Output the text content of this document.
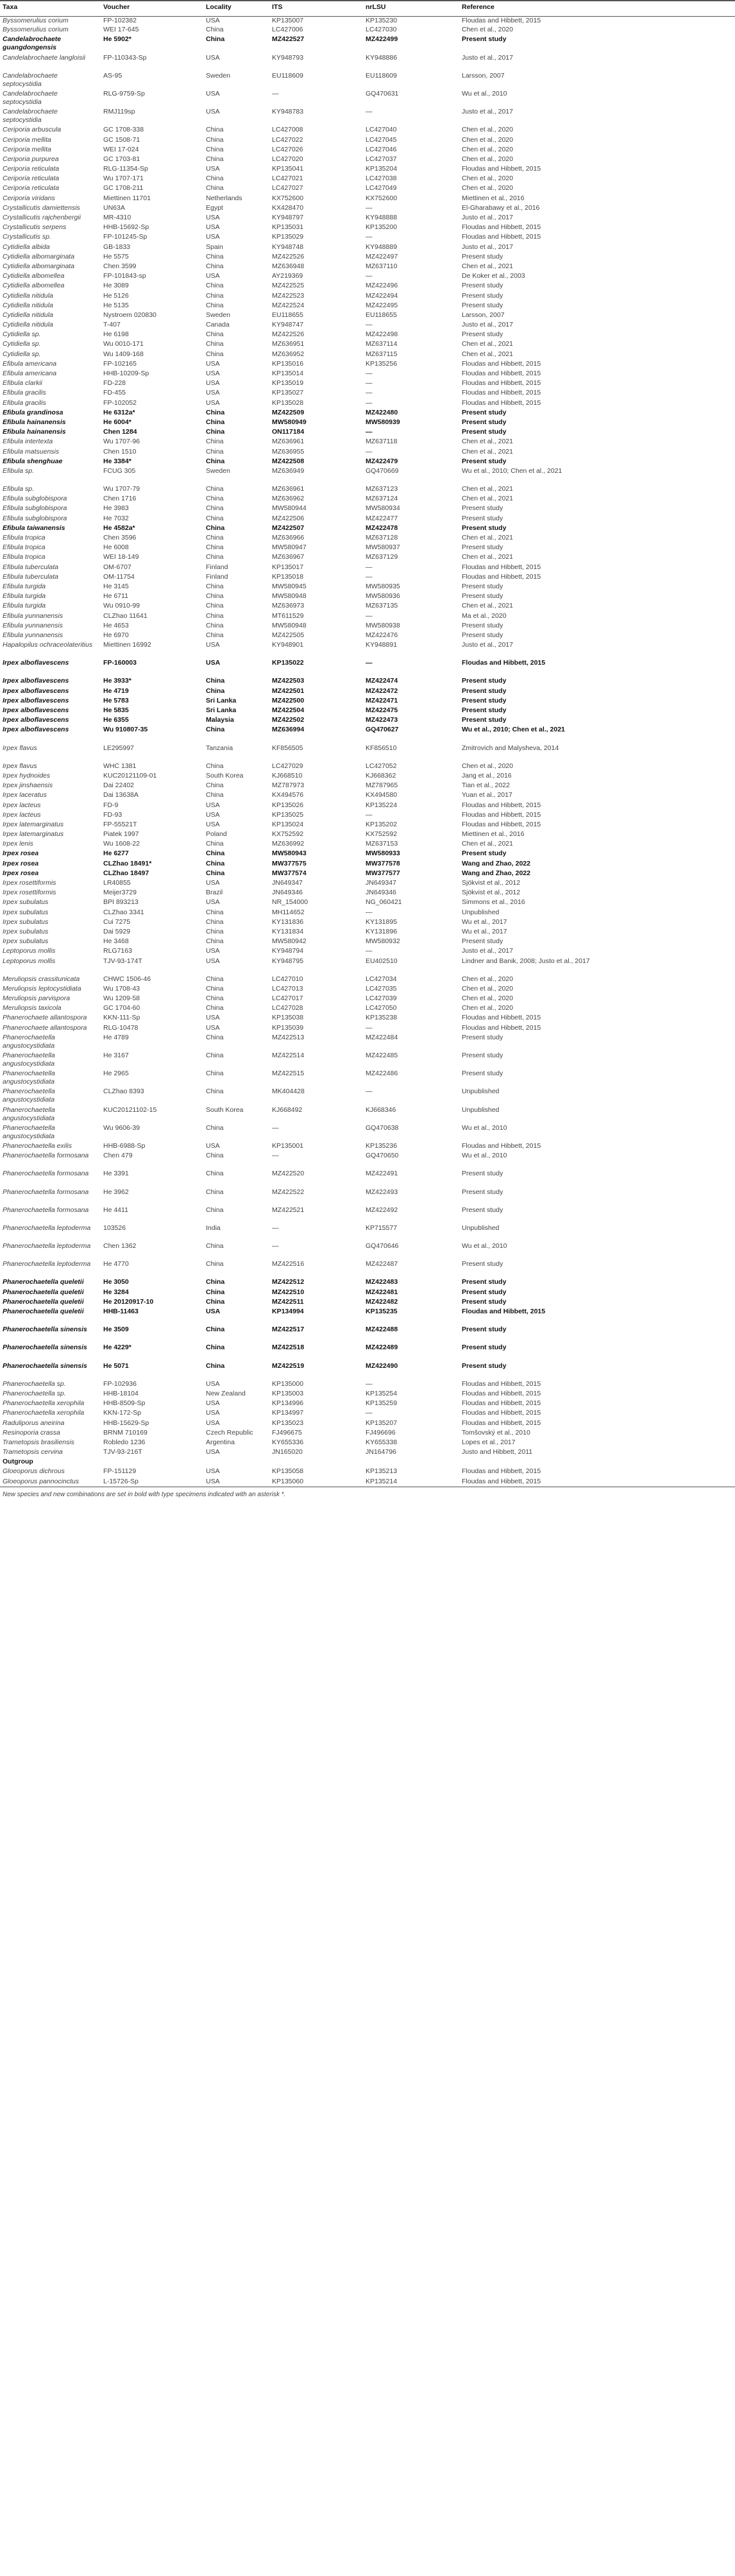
Taxa	Voucher	Locality	ITS	nrLSU	Reference
Byssomerulius corium	FP-102382	USA	KP135007	KP135230	Floudas and Hibbett, 2015
Byssomerulius corium	WEI 17-645	China	LC427006	LC427030	Chen et al., 2020
Candelabrochaete guangdongensis	He 5902*	China	MZ422527	MZ422499	Present study
Candelabrochaete langloisii	FP-110343-Sp	USA	KY948793	KY948886	Justo et al., 2017
Candelabrochaete septocystidia	AS-95	Sweden	EU118609	EU118609	Larsson, 2007
Candelabrochaete septocystidia	RLG-9759-Sp	USA	—	GQ470631	Wu et al., 2010
Candelabrochaete septocystidia	RMJ119sp	USA	KY948783	—	Justo et al., 2017
Ceriporia arbuscula	GC 1708-338	China	LC427008	LC427040	Chen et al., 2020
Ceriporia mellita	GC 1508-71	China	LC427022	LC427045	Chen et al., 2020
Ceriporia mellita	WEI 17-024	China	LC427026	LC427046	Chen et al., 2020
Ceriporia purpurea	GC 1703-81	China	LC427020	LC427037	Chen et al., 2020
Ceriporia reticulata	RLG-11354-Sp	USA	KP135041	KP135204	Floudas and Hibbett, 2015
Ceriporia reticulata	Wu 1707-171	China	LC427021	LC427038	Chen et al., 2020
Ceriporia reticulata	GC 1708-211	China	LC427027	LC427049	Chen et al., 2020
Ceriporia viridans	Miettinen 11701	Netherlands	KX752600	KX752600	Miettinen et al., 2016
Crystallicutis damiettensis	UN63A	Egypt	KX428470	—	El-Gharabawy et al., 2016
Crystallicutis rajchenbergii	MR-4310	USA	KY948797	KY948888	Justo et al., 2017
Crystallicutis serpens	HHB-15692-Sp	USA	KP135031	KP135200	Floudas and Hibbett, 2015
Crystallicutis sp.	FP-101245-Sp	USA	KP135029	—	Floudas and Hibbett, 2015
Cytidiella albida	GB-1833	Spain	KY948748	KY948889	Justo et al., 2017
Cytidiella albomarginata	He 5575	China	MZ422526	MZ422497	Present study
Cytidiella albomarginata	Chen 3599	China	MZ636948	MZ637110	Chen et al., 2021
Cytidiella albomellea	FP-101843-sp	USA	AY219369	—	De Koker et al., 2003
Cytidiella albomellea	He 3089	China	MZ422525	MZ422496	Present study
Cytidiella nitidula	He 5126	China	MZ422523	MZ422494	Present study
Cytidiella nitidula	He 5135	China	MZ422524	MZ422495	Present study
Cytidiella nitidula	Nystroem 020830	Sweden	EU118655	EU118655	Larsson, 2007
Cytidiella nitidula	T-407	Canada	KY948747	—	Justo et al., 2017
Cytidiella sp.	He 6198	China	MZ422526	MZ422498	Present study
Cytidiella sp.	Wu 0010-171	China	MZ636951	MZ637114	Chen et al., 2021
Cytidiella sp.	Wu 1409-168	China	MZ636952	MZ637115	Chen et al., 2021
Efibula americana	FP-102165	USA	KP135016	KP135256	Floudas and Hibbett, 2015
Efibula americana	HHB-10209-Sp	USA	KP135014	—	Floudas and Hibbett, 2015
Efibula clarkii	FD-228	USA	KP135019	—	Floudas and Hibbett, 2015
Efibula gracilis	FD-455	USA	KP135027	—	Floudas and Hibbett, 2015
Efibula gracilis	FP-102052	USA	KP135028	—	Floudas and Hibbett, 2015
Efibula grandinosa	He 6312a*	China	MZ422509	MZ422480	Present study
Efibula hainanensis	He 6004*	China	MW580949	MW580939	Present study
Efibula hainanensis	Chen 1284	China	ON117184	—	Present study
Efibula intertexta	Wu 1707-96	China	MZ636961	MZ637118	Chen et al., 2021
Efibula matsuensis	Chen 1510	China	MZ636955	—	Chen et al., 2021
Efibula shenghuae	He 3384*	China	MZ422508	MZ422479	Present study
Efibula sp.	FCUG 305	Sweden	MZ636949	GQ470669	Wu et al., 2010; Chen et al., 2021
Efibula sp.	Wu 1707-79	China	MZ636961	MZ637123	Chen et al., 2021
Efibula subglobispora	Chen 1716	China	MZ636962	MZ637124	Chen et al., 2021
Efibula subglobispora	He 3983	China	MW580944	MW580934	Present study
Efibula subglobispora	He 7032	China	MZ422506	MZ422477	Present study
Efibula taiwanensis	He 4582a*	China	MZ422507	MZ422478	Present study
Efibula tropica	Chen 3596	China	MZ636966	MZ637128	Chen et al., 2021
Efibula tropica	He 6008	China	MW580947	MW580937	Present study
Efibula tropica	WEI 18-149	China	MZ636967	MZ637129	Chen et al., 2021
Efibula tuberculata	OM-6707	Finland	KP135017	—	Floudas and Hibbett, 2015
Efibula tuberculata	OM-11754	Finland	KP135018	—	Floudas and Hibbett, 2015
Efibula turgida	He 3145	China	MW580945	MW580935	Present study
Efibula turgida	He 6711	China	MW580948	MW580936	Present study
Efibula turgida	Wu 0910-99	China	MZ636973	MZ637135	Chen et al., 2021
Efibula yunnanensis	CLZhao 11641	China	MT611529	—	Ma et al., 2020
Efibula yunnanensis	He 4653	China	MW580948	MW580938	Present study
Efibula yunnanensis	He 6970	China	MZ422505	MZ422476	Present study
Hapalopilus ochraceolateritius	Miettinen 16992	USA	KY948901	KY948891	Justo et al., 2017
Irpex alboflavescens	FP-160003	USA	KP135022	—	Floudas and Hibbett, 2015
Irpex alboflavescens	He 3933*	China	MZ422503	MZ422474	Present study
Irpex alboflavescens	He 4719	China	MZ422501	MZ422472	Present study
Irpex alboflavescens	He 5783	Sri Lanka	MZ422500	MZ422471	Present study
Irpex alboflavescens	He 5835	Sri Lanka	MZ422504	MZ422475	Present study
Irpex alboflavescens	He 6355	Malaysia	MZ422502	MZ422473	Present study
Irpex alboflavescens	Wu 910807-35	China	MZ636994	GQ470627	Wu et al., 2010; Chen et al., 2021
Irpex flavus	LE295997	Tanzania	KF856505	KF856510	Zmitrovich and Malysheva, 2014
Irpex flavus	WHC 1381	China	LC427029	LC427052	Chen et al., 2020
Irpex hydnoides	KUC20121109-01	South Korea	KJ668510	KJ668362	Jang et al., 2016
Irpex jinshaensis	Dai 22402	China	MZ787973	MZ787965	Tian et al., 2022
Irpex laceratus	Dai 13638A	China	KX494576	KX494580	Yuan et al., 2017
Irpex lacteus	FD-9	USA	KP135026	KP135224	Floudas and Hibbett, 2015
Irpex lacteus	FD-93	USA	KP135025	—	Floudas and Hibbett, 2015
Irpex latemarginatus	FP-55521T	USA	KP135024	KP135202	Floudas and Hibbett, 2015
Irpex latemarginatus	Piatek 1997	Poland	KX752592	KX752592	Miettinen et al., 2016
Irpex lenis	Wu 1608-22	China	MZ636992	MZ637153	Chen et al., 2021
Irpex rosea	He 6277	China	MW580943	MW580933	Present study
Irpex rosea	CLZhao 18491*	China	MW377575	MW377578	Wang and Zhao, 2022
Irpex rosea	CLZhao 18497	China	MW377574	MW377577	Wang and Zhao, 2022
Irpex rosettiformis	LR40855	USA	JN649347	JN649347	Sjökvist et al., 2012
Irpex rosettiformis	Meijer3729	Brazil	JN649346	JN649346	Sjökvist et al., 2012
Irpex subulatus	BPI 893213	USA	NR_154000	NG_060421	Simmons et al., 2016
Irpex subulatus	CLZhao 3341	China	MH114652	—	Unpublished
Irpex subulatus	Cui 7275	China	KY131836	KY131895	Wu et al., 2017
Irpex subulatus	Dai 5929	China	KY131834	KY131896	Wu et al., 2017
Irpex subulatus	He 3468	China	MW580942	MW580932	Present study
Leptoporus mollis	RLG7163	USA	KY948794	—	Justo et al., 2017
Leptoporus mollis	TJV-93-174T	USA	KY948795	EU402510	Lindner and Banik, 2008; Justo et al., 2017
Meruliopsis crassitunicata	CHWC 1506-46	China	LC427010	LC427034	Chen et al., 2020
Meruliopsis leptocystidiata	Wu 1708-43	China	LC427013	LC427035	Chen et al., 2020
Meruliopsis parvispora	Wu 1209-58	China	LC427017	LC427039	Chen et al., 2020
Meruliopsis taxicola	GC 1704-60	China	LC427028	LC427050	Chen et al., 2020
Phanerochaete allantospora	KKN-111-Sp	USA	KP135038	KP135238	Floudas and Hibbett, 2015
Phanerochaete allantospora	RLG-10478	USA	KP135039	—	Floudas and Hibbett, 2015
Phanerochaetella angustocystidiata	He 4789	China	MZ422513	MZ422484	Present study
Phanerochaetella angustocystidiata	He 3167	China	MZ422514	MZ422485	Present study
Phanerochaetella angustocystidiata	He 2965	China	MZ422515	MZ422486	Present study
Phanerochaetella angustocystidiata	CLZhao 8393	China	MK404428	—	Unpublished
Phanerochaetella angustocystidiata	KUC20121102-15	South Korea	KJ668492	KJ668346	Unpublished
Phanerochaetella angustocystidiata	Wu 9606-39	China	—	GQ470638	Wu et al., 2010
Phanerochaetella exilis	HHB-6988-Sp	USA	KP135001	KP135236	Floudas and Hibbett, 2015
Phanerochaetella formosana	Chen 479	China	—	GQ470650	Wu et al., 2010
Phanerochaetella formosana	He 3391	China	MZ422520	MZ422491	Present study
Phanerochaetella formosana	He 3962	China	MZ422522	MZ422493	Present study
Phanerochaetella formosana	He 4411	China	MZ422521	MZ422492	Present study
Phanerochaetella leptoderma	103526	India	—	KP715577	Unpublished
Phanerochaetella leptoderma	Chen 1362	China	—	GQ470646	Wu et al., 2010
Phanerochaetella leptoderma	He 4770	China	MZ422516	MZ422487	Present study
Phanerochaetella queletii	He 3050	China	MZ422512	MZ422483	Present study
Phanerochaetella queletii	He 3284	China	MZ422510	MZ422481	Present study
Phanerochaetella queletii	He 20120917-10	China	MZ422511	MZ422482	Present study
Phanerochaetella queletii	HHB-11463	USA	KP134994	KP135235	Floudas and Hibbett, 2015
Phanerochaetella sinensis	He 3509	China	MZ422517	MZ422488	Present study
Phanerochaetella sinensis	He 4229*	China	MZ422518	MZ422489	Present study
Phanerochaetella sinensis	He 5071	China	MZ422519	MZ422490	Present study
Phanerochaetella sp.	FP-102936	USA	KP135000	—	Floudas and Hibbett, 2015
Phanerochaetella sp.	HHB-18104	New Zealand	KP135003	KP135254	Floudas and Hibbett, 2015
Phanerochaetella xerophila	HHB-8509-Sp	USA	KP134996	KP135259	Floudas and Hibbett, 2015
Phanerochaetella xerophila	KKN-172-Sp	USA	KP134997	—	Floudas and Hibbett, 2015
Raduliporus aneirina	HHB-15629-Sp	USA	KP135023	KP135207	Floudas and Hibbett, 2015
Resinoporia crassa	BRNM 710169	Czech Republic	FJ496675	FJ496696	Tomšovský et al., 2010
Trametopsis brasiliensis	Robledo 1236	Argentina	KY655336	KY655338	Lopes et al., 2017
Trametopsis cervina	TJV-93-216T	USA	JN165020	JN164796	Justo and Hibbett, 2011
Outgroup					
Gloeoporus dichrous	FP-151129	USA	KP135058	KP135213	Floudas and Hibbett, 2015
Gloeoporus pannocinctus	L-15726-Sp	USA	KP135060	KP135214	Floudas and Hibbett, 2015
New species and new combinations are set in bold with type specimens indicated with an asterisk *.
